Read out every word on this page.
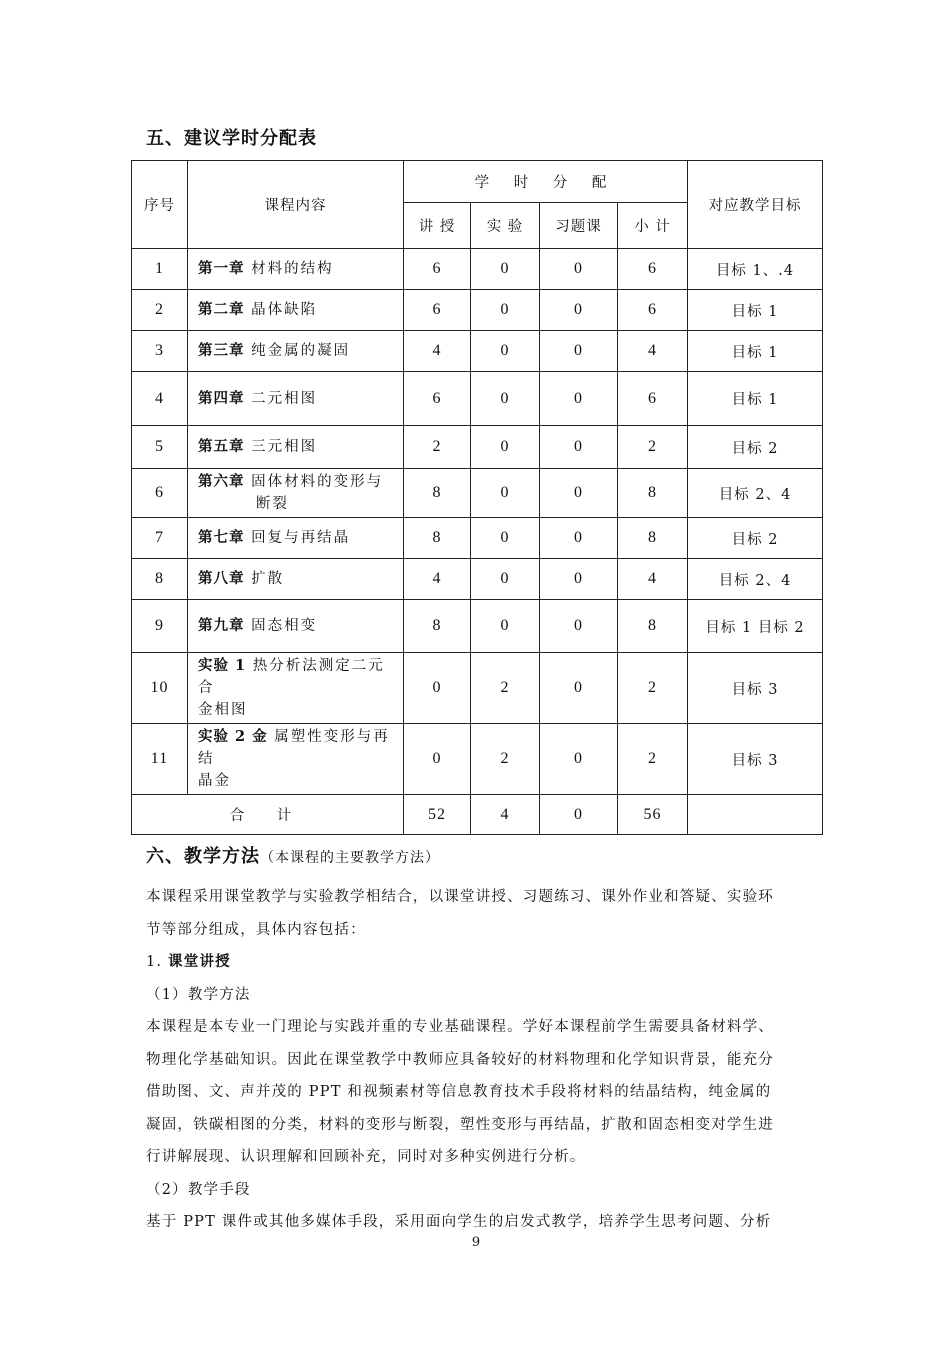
五、建议学时分配表
序号	课程内容	学 时 分 配				对应教学目标
		讲 授	实 验	习题课	小 计	
1	第一章 材料的结构	6	0	0	6	目标 1、.4
2	第二章 晶体缺陷	6	0	0	6	目标 1
3	第三章 纯金属的凝固	4	0	0	4	目标 1
4	第四章 二元相图	6	0	0	6	目标 1
5	第五章 三元相图	2	0	0	2	目标 2
6	第六章 固体材料的变形与
断裂	8	0	0	8	目标 2、4
7	第七章 回复与再结晶	8	0	0	8	目标 2
8	第八章 扩散	4	0	0	4	目标 2、4
9	第九章 固态相变	8	0	0	8	目标 1 目标 2
10	实验 1 热分析法测定二元合
金相图	0	2	0	2	目标 3
11	实验 2 金 属塑性变形与再结
晶金	0	2	0	2	目标 3
合 计		52	4	0	56	
六、教学方法（本课程的主要教学方法）
本课程采用课堂教学与实验教学相结合，以课堂讲授、习题练习、课外作业和答疑、实验环
节等部分组成，具体内容包括：
1. 课堂讲授
（1）教学方法
本课程是本专业一门理论与实践并重的专业基础课程。学好本课程前学生需要具备材料学、
物理化学基础知识。因此在课堂教学中教师应具备较好的材料物理和化学知识背景，能充分
借助图、文、声并茂的 PPT 和视频素材等信息教育技术手段将材料的结晶结构，纯金属的
凝固，铁碳相图的分类，材料的变形与断裂，塑性变形与再结晶，扩散和固态相变对学生进
行讲解展现、认识理解和回顾补充，同时对多种实例进行分析。
（2）教学手段
基于 PPT 课件或其他多媒体手段，采用面向学生的启发式教学，培养学生思考问题、分析
9
